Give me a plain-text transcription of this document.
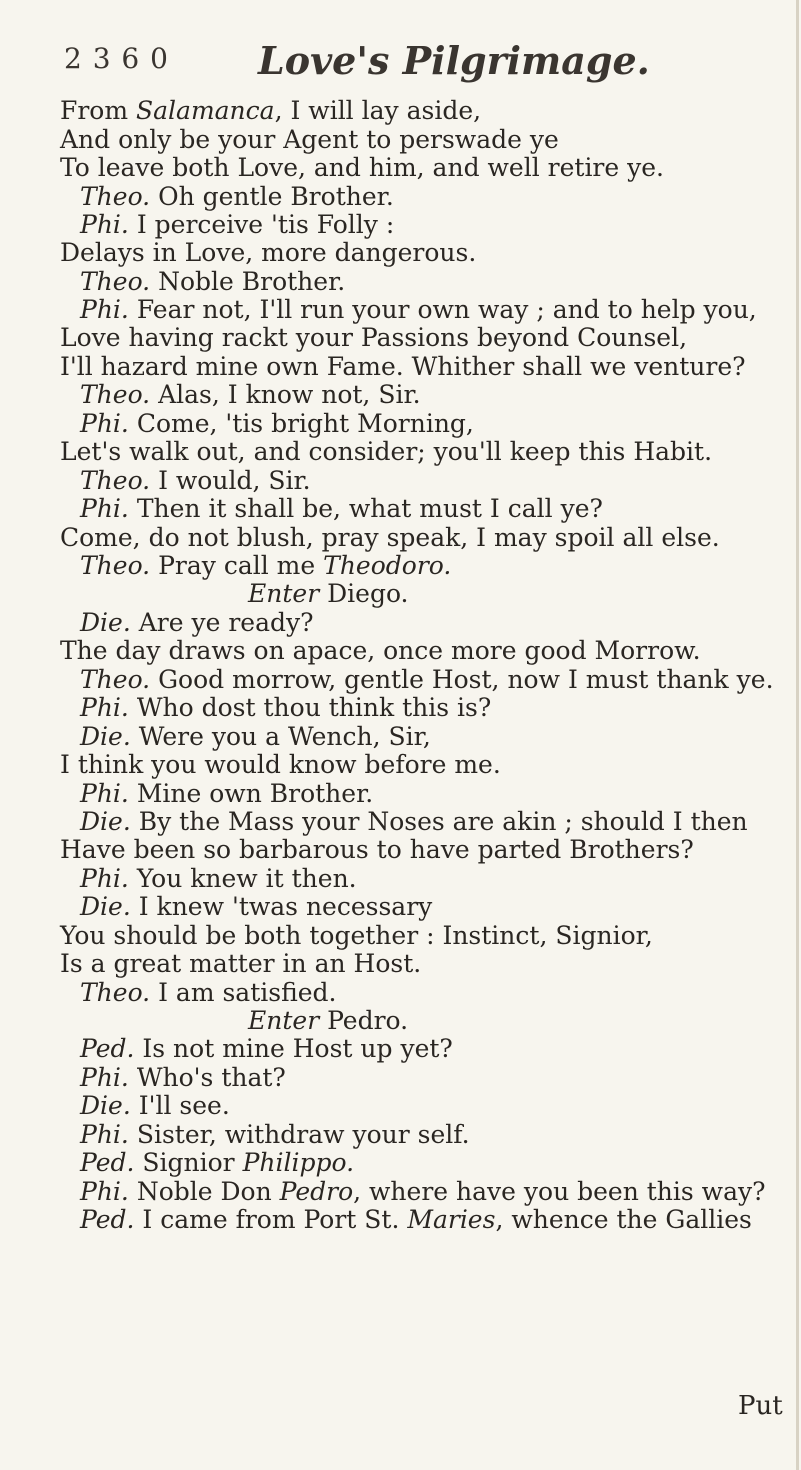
2 3 6 0 Love's Pilgrimage.
From Salamanca, I will lay aside,
And only be your Agent to perswade ye
To leave both Love, and him, and well retire ye.
Theo. Oh gentle Brother.
Phi. I perceive 'tis Folly :
Delays in Love, more dangerous.
Theo. Noble Brother.
Phi. Fear not, I'll run your own way ; and to help you,
Love having rackt your Passions beyond Counsel,
I'll hazard mine own Fame. Whither shall we venture?
Theo. Alas, I know not, Sir.
Phi. Come, 'tis bright Morning,
Let's walk out, and consider; you'll keep this Habit.
Theo. I would, Sir.
Phi. Then it shall be, what must I call ye?
Come, do not blush, pray speak, I may spoil all else.
Theo. Pray call me Theodoro.
Enter Diego.
Die. Are ye ready?
The day draws on apace, once more good Morrow.
Theo. Good morrow, gentle Host, now I must thank ye.
Phi. Who dost thou think this is?
Die. Were you a Wench, Sir,
I think you would know before me.
Phi. Mine own Brother.
Die. By the Mass your Noses are akin ; should I then
Have been so barbarous to have parted Brothers?
Phi. You knew it then.
Die. I knew 'twas necessary
You should be both together : Instinct, Signior,
Is a great matter in an Host.
Theo. I am satisfied.
Enter Pedro.
Ped. Is not mine Host up yet?
Phi. Who's that?
Die. I'll see.
Phi. Sister, withdraw your self.
Ped. Signior Philippo.
Phi. Noble Don Pedro, where have you been this way?
Ped. I came from Port St. Maries, whence the Gallies
Put
